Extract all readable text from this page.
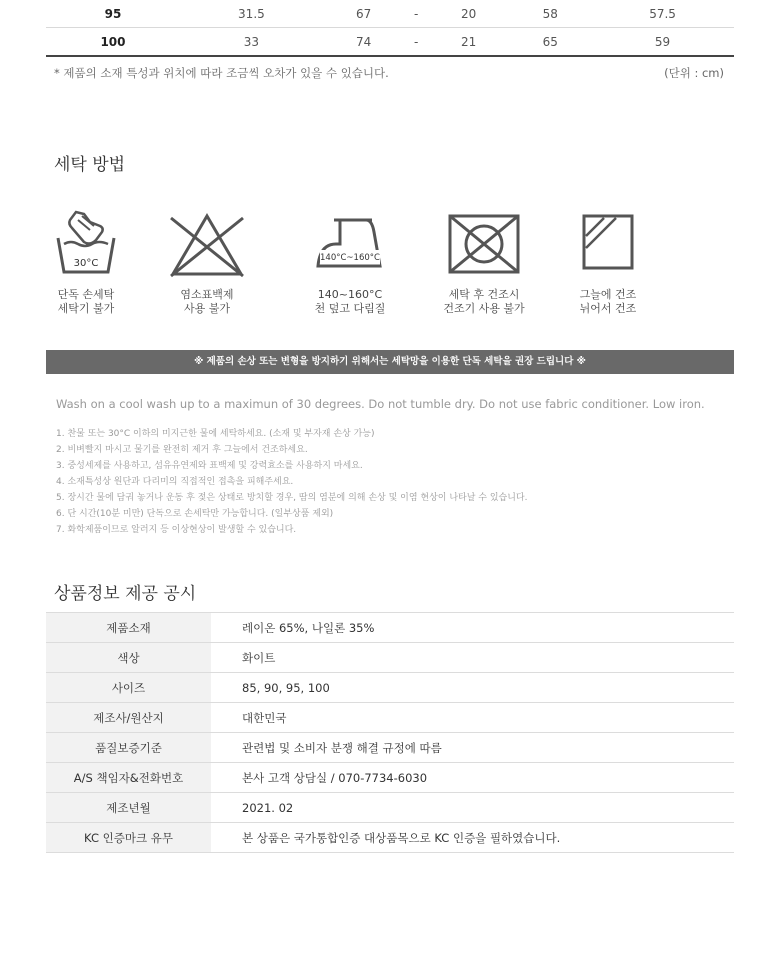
95	31.5	67	-	20	58	57.5
100	33	74	-	21	65	59
* 제품의 소재 특성과 위치에 따라 조금씩 오차가 있을 수 있습니다.	(단위 : cm)
세탁 방법
30°C
단독 손세탁
세탁기 불가
염소표백제
사용 불가
140°C~160°C
140~160°C
천 덮고 다림질
세탁 후 건조시
건조기 사용 불가
그늘에 건조
뉘어서 건조
※ 제품의 손상 또는 변형을 방지하기 위해서는 세탁망을 이용한 단독 세탁을 권장 드립니다 ※
Wash on a cool wash up to a maximun of 30 degrees. Do not tumble dry. Do not use fabric conditioner. Low iron.
1. 찬물 또는 30°C 이하의 미지근한 물에 세탁하세요. (소재 및 부자재 손상 가능)
2. 비벼빨지 마시고 물기를 완전히 제거 후 그늘에서 건조하세요.
3. 중성세제를 사용하고, 섬유유연제와 표백제 및 강력효소를 사용하지 마세요.
4. 소재특성상 원단과 다리미의 직접적인 접촉을 피해주세요.
5. 장시간 물에 담궈 놓거나 운동 후 젖은 상태로 방치할 경우, 땀의 염분에 의해 손상 및 이염 현상이 나타날 수 있습니다.
6. 단 시간(10분 미만) 단독으로 손세탁만 가능합니다. (일부상품 제외)
7. 화학제품이므로 알러지 등 이상현상이 발생할 수 있습니다.
상품정보 제공 공시
제품소재	레이온 65%, 나일론 35%
색상	화이트
사이즈	85, 90, 95, 100
제조사/원산지	대한민국
품질보증기준	관련법 및 소비자 분쟁 해결 규정에 따름
A/S 책임자&전화번호	본사 고객 상담실 / 070-7734-6030
제조년월	2021. 02
KC 인증마크 유무	본 상품은 국가통합인증 대상품목으로 KC 인증을 필하였습니다.
